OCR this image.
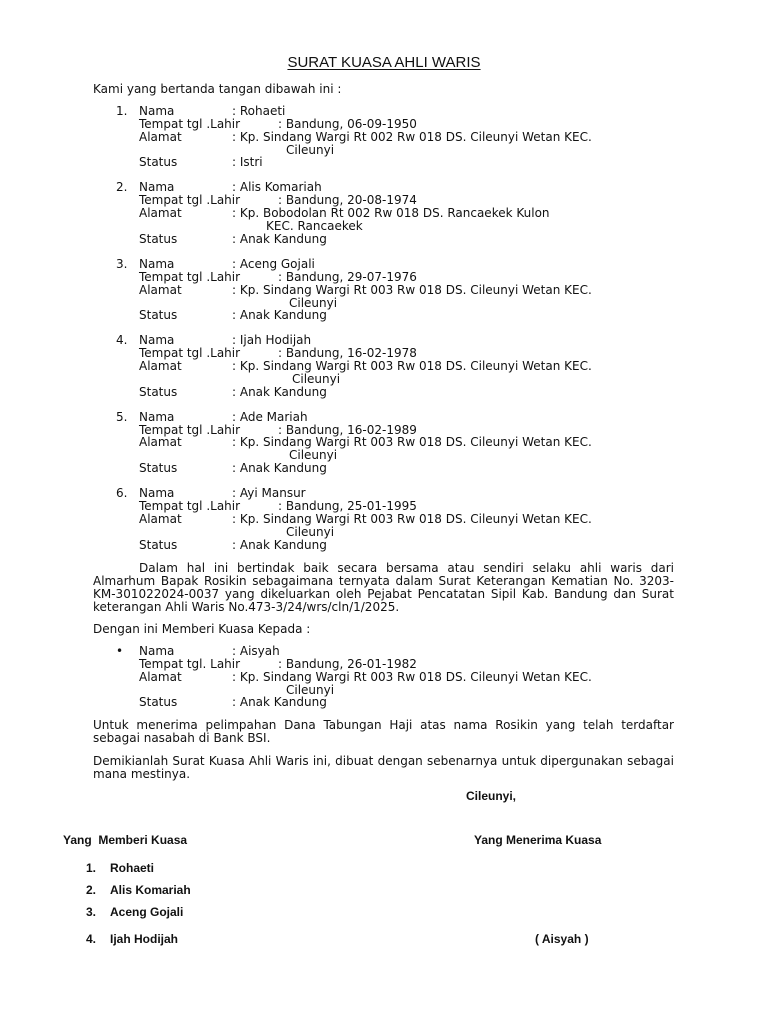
SURAT KUASA AHLI WARIS
Kami yang bertanda tangan dibawah ini :
1. Nama	: Rohaeti
Tempat tgl .Lahir	: Bandung, 06-09-1950
Alamat	: Kp. Sindang Wargi Rt 002 Rw 018 DS. Cileunyi Wetan KEC.
Cileunyi
Status	: Istri
2. Nama	: Alis Komariah
Tempat tgl .Lahir	: Bandung, 20-08-1974
Alamat	: Kp. Bobodolan Rt 002 Rw 018 DS. Rancaekek Kulon
KEC. Rancaekek
Status	: Anak Kandung
3. Nama	: Aceng Gojali
Tempat tgl .Lahir	: Bandung, 29-07-1976
Alamat	: Kp. Sindang Wargi Rt 003 Rw 018 DS. Cileunyi Wetan KEC.
Cileunyi
Status	: Anak Kandung
4. Nama	: Ijah Hodijah
Tempat tgl .Lahir	: Bandung, 16-02-1978
Alamat	: Kp. Sindang Wargi Rt 003 Rw 018 DS. Cileunyi Wetan KEC.
Cileunyi
Status	: Anak Kandung
5. Nama	: Ade Mariah
Tempat tgl .Lahir	: Bandung, 16-02-1989
Alamat	: Kp. Sindang Wargi Rt 003 Rw 018 DS. Cileunyi Wetan KEC.
Cileunyi
Status	: Anak Kandung
6. Nama	: Ayi Mansur
Tempat tgl .Lahir	: Bandung, 25-01-1995
Alamat	: Kp. Sindang Wargi Rt 003 Rw 018 DS. Cileunyi Wetan KEC.
Cileunyi
Status	: Anak Kandung
Dalam hal ini bertindak baik secara bersama atau sendiri selaku ahli waris dari Almarhum Bapak Rosikin sebagaimana ternyata dalam Surat Keterangan Kematian No. 3203-KM-301022024-0037 yang dikeluarkan oleh Pejabat Pencatatan Sipil Kab. Bandung dan Surat keterangan Ahli Waris No.473-3/24/wrs/cln/1/2025.
Dengan ini Memberi Kuasa Kepada :
• Nama	: Aisyah
Tempat tgl. Lahir	: Bandung, 26-01-1982
Alamat	: Kp. Sindang Wargi Rt 003 Rw 018 DS. Cileunyi Wetan KEC.
Cileunyi
Status	: Anak Kandung
Untuk menerima pelimpahan Dana Tabungan Haji atas nama Rosikin yang telah terdaftar sebagai nasabah di Bank BSI.
Demikianlah Surat Kuasa Ahli Waris ini, dibuat dengan sebenarnya untuk dipergunakan sebagai mana mestinya.
Cileunyi,
Yang  Memberi Kuasa	Yang Menerima Kuasa
1. Rohaeti
2. Alis Komariah
3. Aceng Gojali
4. Ijah Hodijah	( Aisyah )
